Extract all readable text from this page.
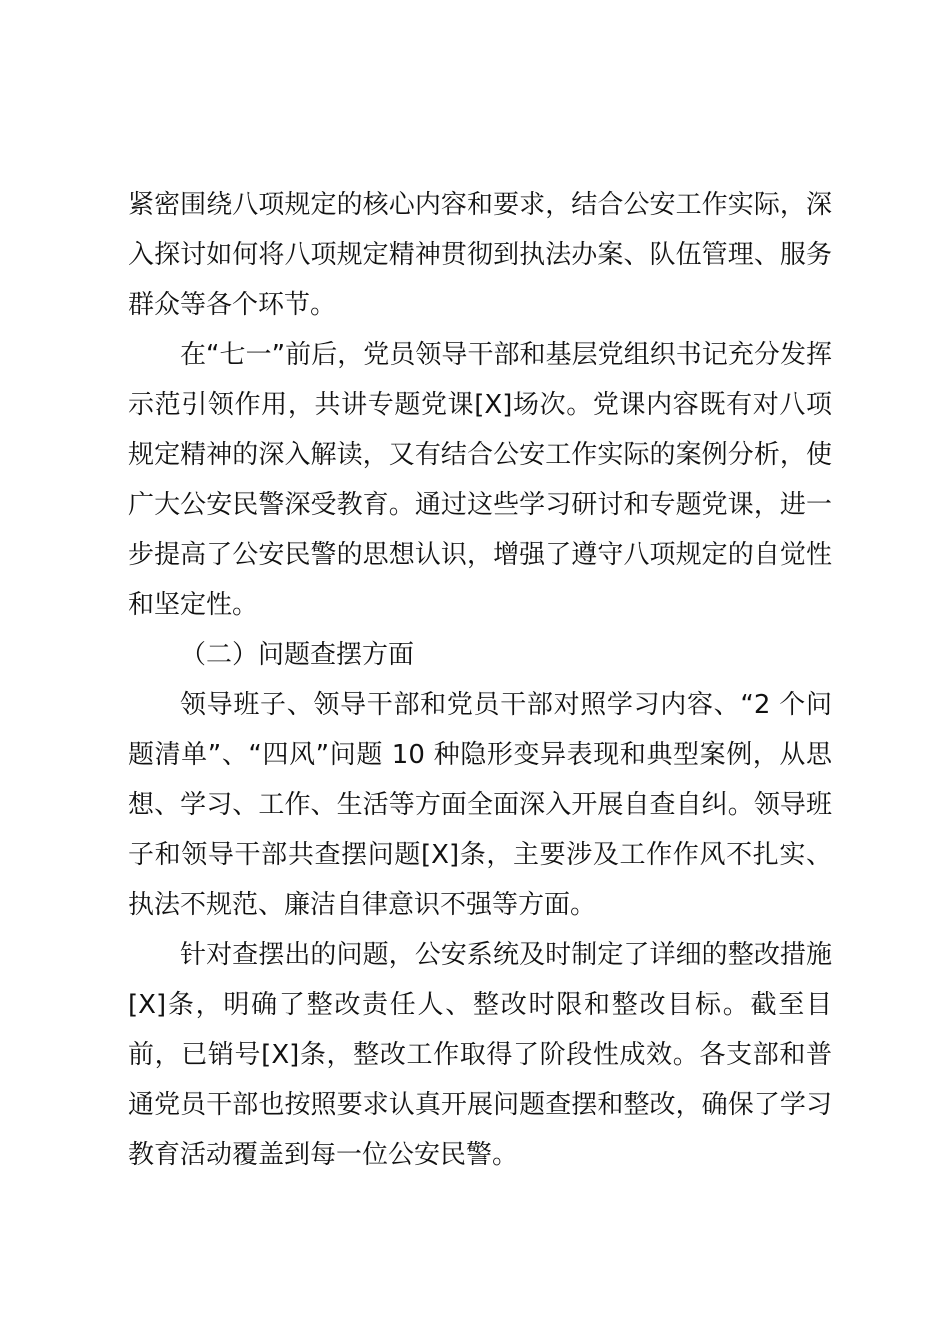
紧密围绕八项规定的核心内容和要求，结合公安工作实际，深入探讨如何将八项规定精神贯彻到执法办案、队伍管理、服务群众等各个环节。

在“七一”前后，党员领导干部和基层党组织书记充分发挥示范引领作用，共讲专题党课[X]场次。党课内容既有对八项规定精神的深入解读，又有结合公安工作实际的案例分析，使广大公安民警深受教育。通过这些学习研讨和专题党课，进一步提高了公安民警的思想认识，增强了遵守八项规定的自觉性和坚定性。

（二）问题查摆方面

领导班子、领导干部和党员干部对照学习内容、“2 个问题清单”、“四风”问题 10 种隐形变异表现和典型案例，从思想、学习、工作、生活等方面全面深入开展自查自纠。领导班子和领导干部共查摆问题[X]条，主要涉及工作作风不扎实、执法不规范、廉洁自律意识不强等方面。

针对查摆出的问题，公安系统及时制定了详细的整改措施[X]条，明确了整改责任人、整改时限和整改目标。截至目前，已销号[X]条，整改工作取得了阶段性成效。各支部和普通党员干部也按照要求认真开展问题查摆和整改，确保了学习教育活动覆盖到每一位公安民警。
